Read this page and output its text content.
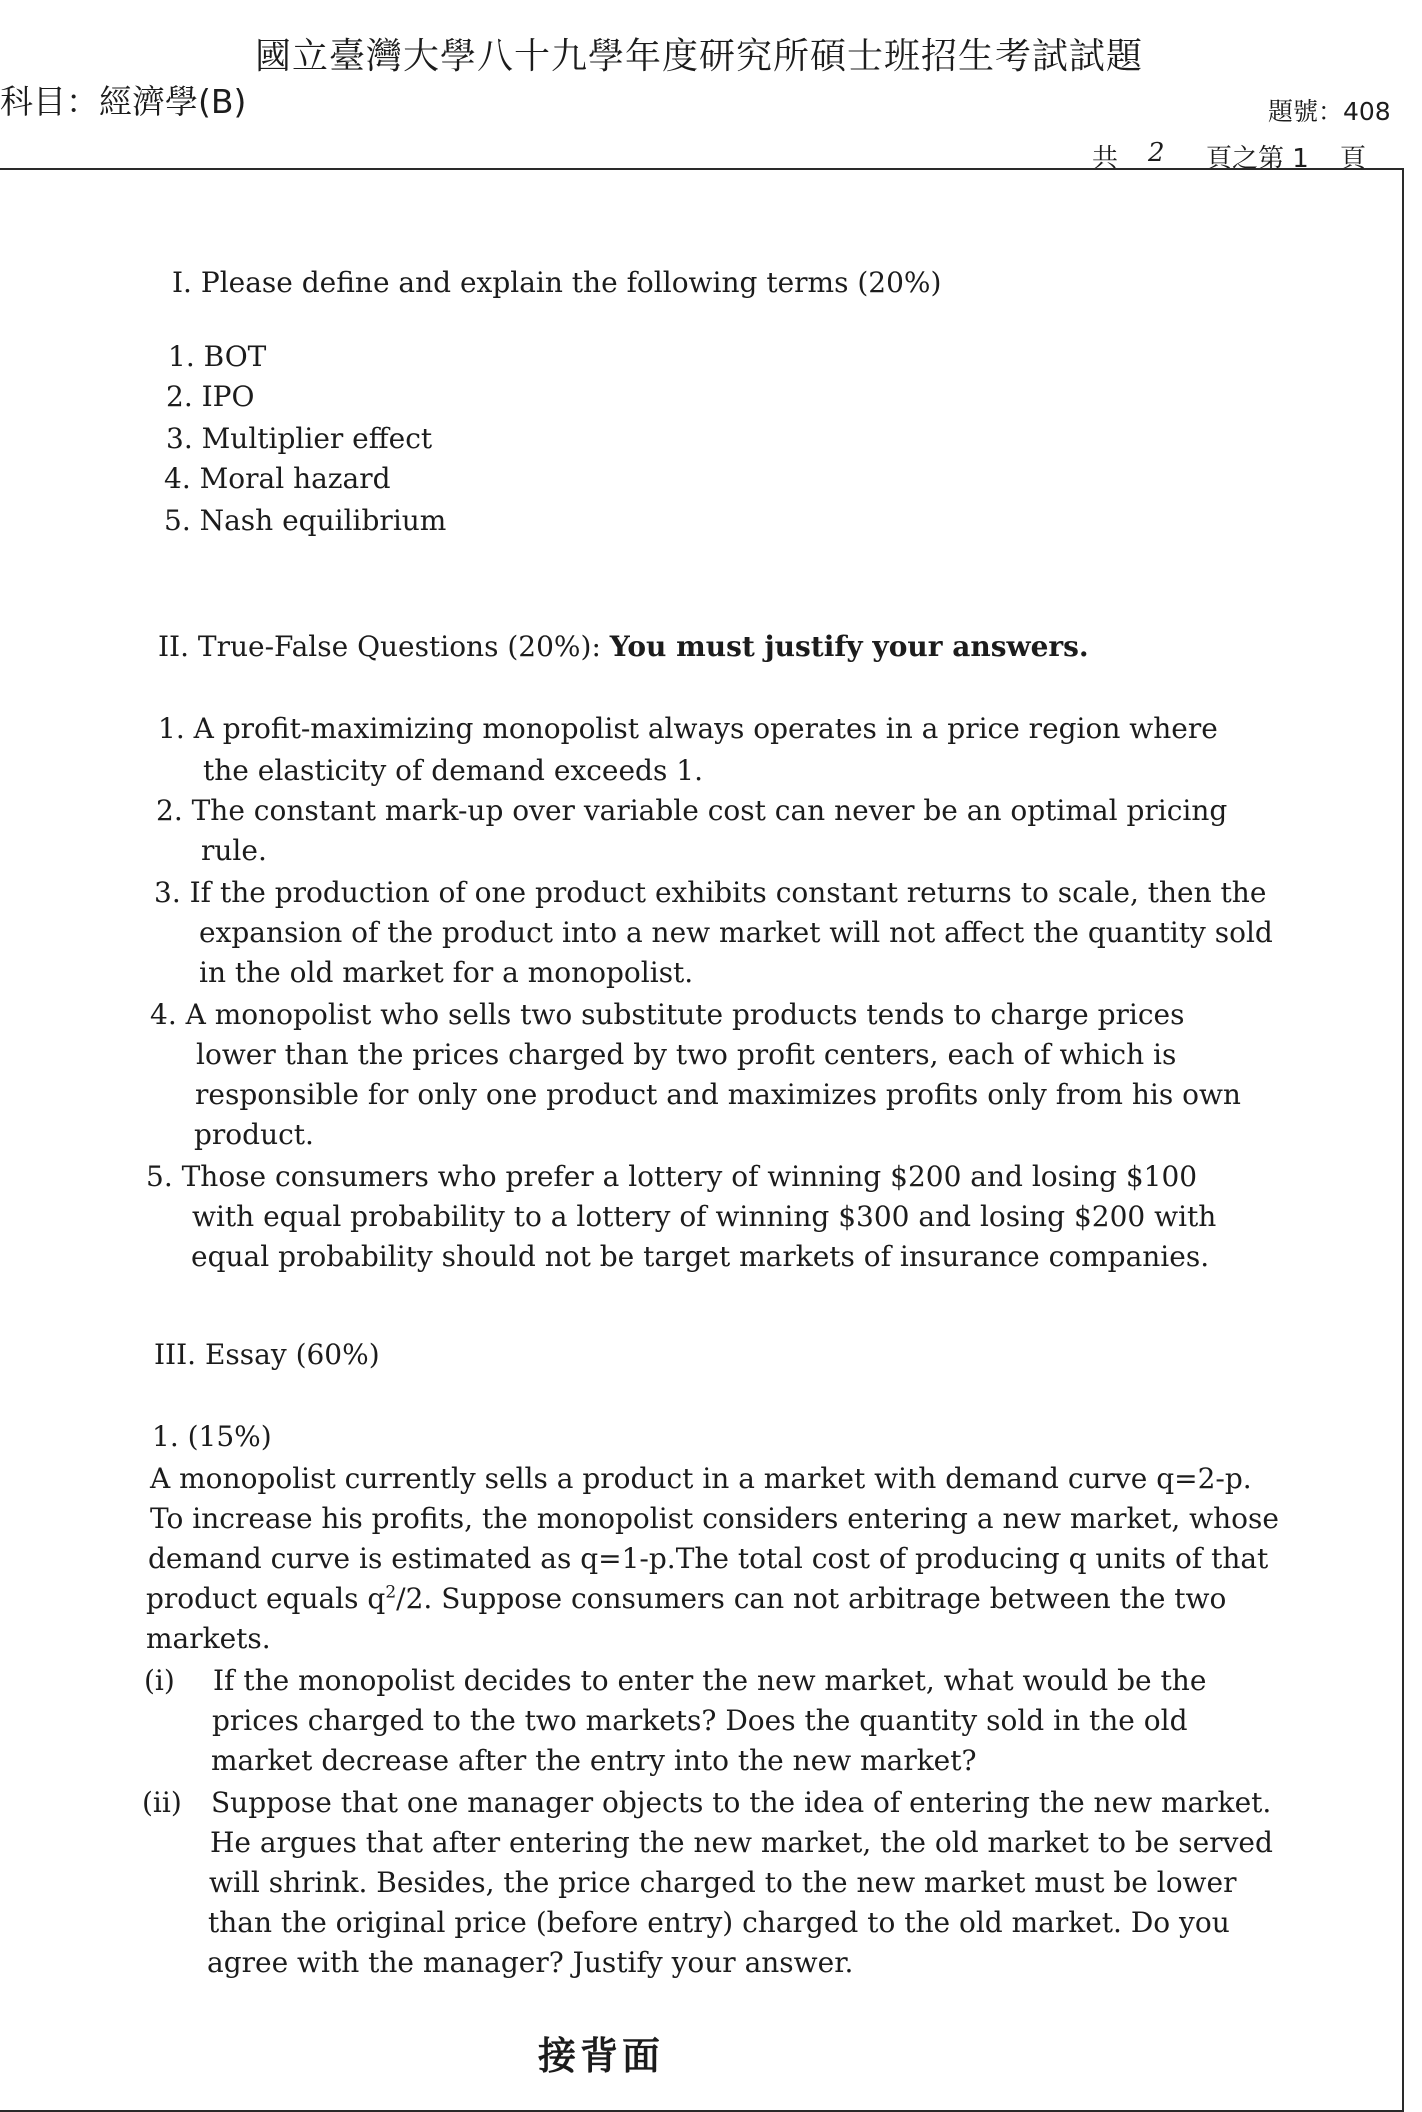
國立臺灣大學八十九學年度研究所碩士班招生考試試題
科目：經濟學(B)	題號：408
共 2 頁之第 1 頁
I. Please define and explain the following terms (20%)
1. BOT
2. IPO
3. Multiplier effect
4. Moral hazard
5. Nash equilibrium
II. True-False Questions (20%): You must justify your answers.
1. A profit-maximizing monopolist always operates in a price region where
the elasticity of demand exceeds 1.
2. The constant mark-up over variable cost can never be an optimal pricing
rule.
3. If the production of one product exhibits constant returns to scale, then the
expansion of the product into a new market will not affect the quantity sold
in the old market for a monopolist.
4. A monopolist who sells two substitute products tends to charge prices
lower than the prices charged by two profit centers, each of which is
responsible for only one product and maximizes profits only from his own
product.
5. Those consumers who prefer a lottery of winning $200 and losing $100
with equal probability to a lottery of winning $300 and losing $200 with
equal probability should not be target markets of insurance companies.
III. Essay (60%)
1. (15%)
A monopolist currently sells a product in a market with demand curve q=2-p.
To increase his profits, the monopolist considers entering a new market, whose
demand curve is estimated as q=1-p.The total cost of producing q units of that
product equals $q^2/2$. Suppose consumers can not arbitrage between the two
markets.
(i) If the monopolist decides to enter the new market, what would be the
prices charged to the two markets? Does the quantity sold in the old
market decrease after the entry into the new market?
(ii) Suppose that one manager objects to the idea of entering the new market.
He argues that after entering the new market, the old market to be served
will shrink. Besides, the price charged to the new market must be lower
than the original price (before entry) charged to the old market. Do you
agree with the manager? Justify your answer.
接背面
